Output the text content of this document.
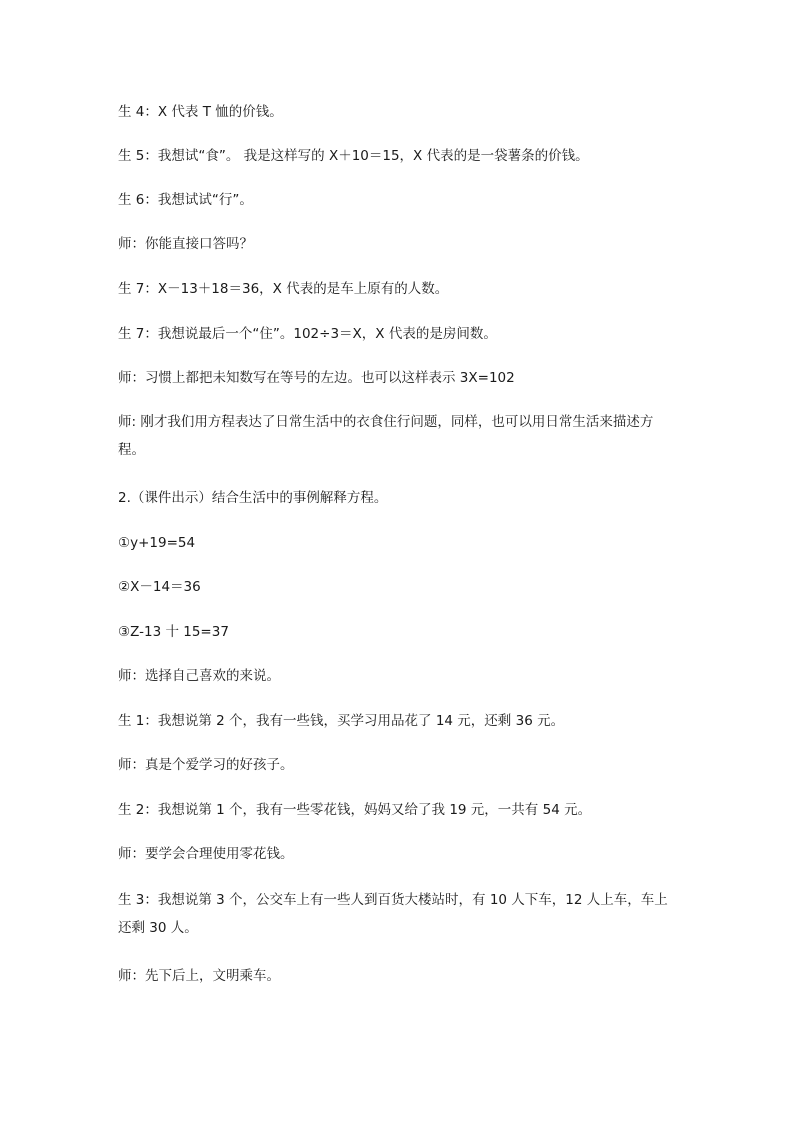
生 4：X 代表 T 恤的价钱。
生 5：我想试“食”。 我是这样写的 X＋10＝15，X 代表的是一袋薯条的价钱。
生 6：我想试试“行”。
师：你能直接口答吗？
生 7：X－13＋18＝36，X 代表的是车上原有的人数。
生 7：我想说最后一个“住”。102÷3＝X，X 代表的是房间数。
师：习惯上都把未知数写在等号的左边。也可以这样表示 3X=102
师: 刚才我们用方程表达了日常生活中的衣食住行问题，同样，也可以用日常生活来描述方程。
2.（课件出示）结合生活中的事例解释方程。
①y+19=54
②X－14＝36
③Z-13 十 15=37
师：选择自己喜欢的来说。
生 1：我想说第 2 个，我有一些钱，买学习用品花了 14 元，还剩 36 元。
师：真是个爱学习的好孩子。
生 2：我想说第 1 个，我有一些零花钱，妈妈又给了我 19 元，一共有 54 元。
师：要学会合理使用零花钱。
生 3：我想说第 3 个，公交车上有一些人到百货大楼站时，有 10 人下车，12 人上车，车上还剩 30 人。
师：先下后上，文明乘车。
